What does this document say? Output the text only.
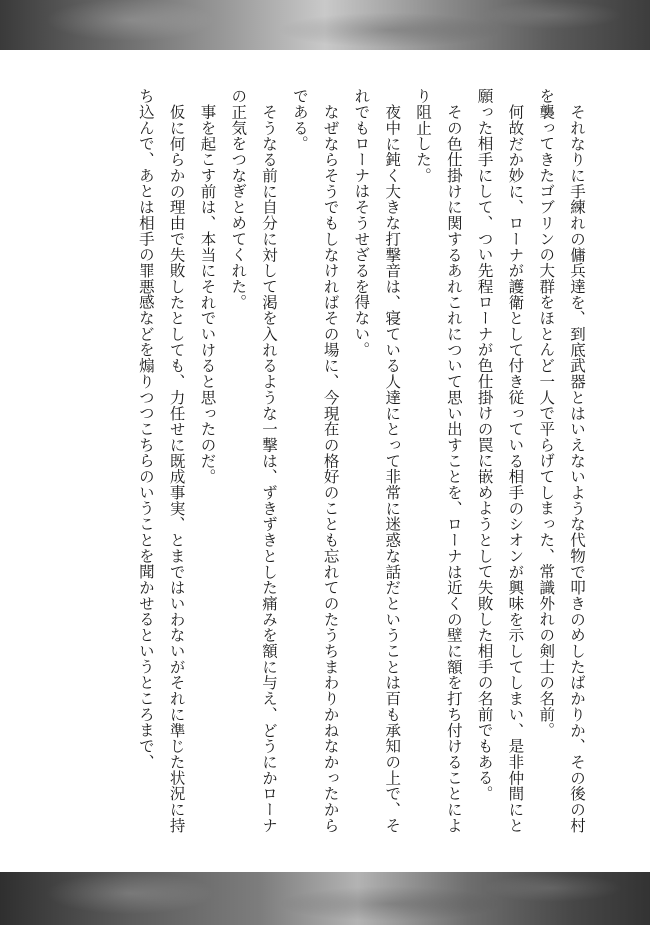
それなりに手練れの傭兵達を、到底武器とはいえないような代物で叩きのめしたばかりか、その後の村を襲ってきたゴブリンの大群をほとんど一人で平らげてしまった、常識外れの剣士の名前。

何故だか妙に、ローナが護衛として付き従っている相手のシオンが興味を示してしまい、是非仲間にと願った相手にして、つい先程ローナが色仕掛けの罠に嵌めようとして失敗した相手の名前でもある。

その色仕掛けに関するあれこれについて思い出すことを、ローナは近くの壁に額を打ち付けることにより阻止した。

夜中に鈍く大きな打撃音は、寝ている人達にとって非常に迷惑な話だということは百も承知の上で、それでもローナはそうせざるを得ない。

なぜならそうでもしなければその場に、今現在の格好のことも忘れてのたうちまわりかねなかったからである。

そうなる前に自分に対して渇を入れるような一撃は、ずきずきとした痛みを額に与え、どうにかローナの正気をつなぎとめてくれた。

事を起こす前は、本当にそれでいけると思ったのだ。

仮に何らかの理由で失敗したとしても、力任せに既成事実、とまではいわないがそれに準じた状況に持ち込んで、あとは相手の罪悪感などを煽りつつこちらのいうことを聞かせるというところまで、
